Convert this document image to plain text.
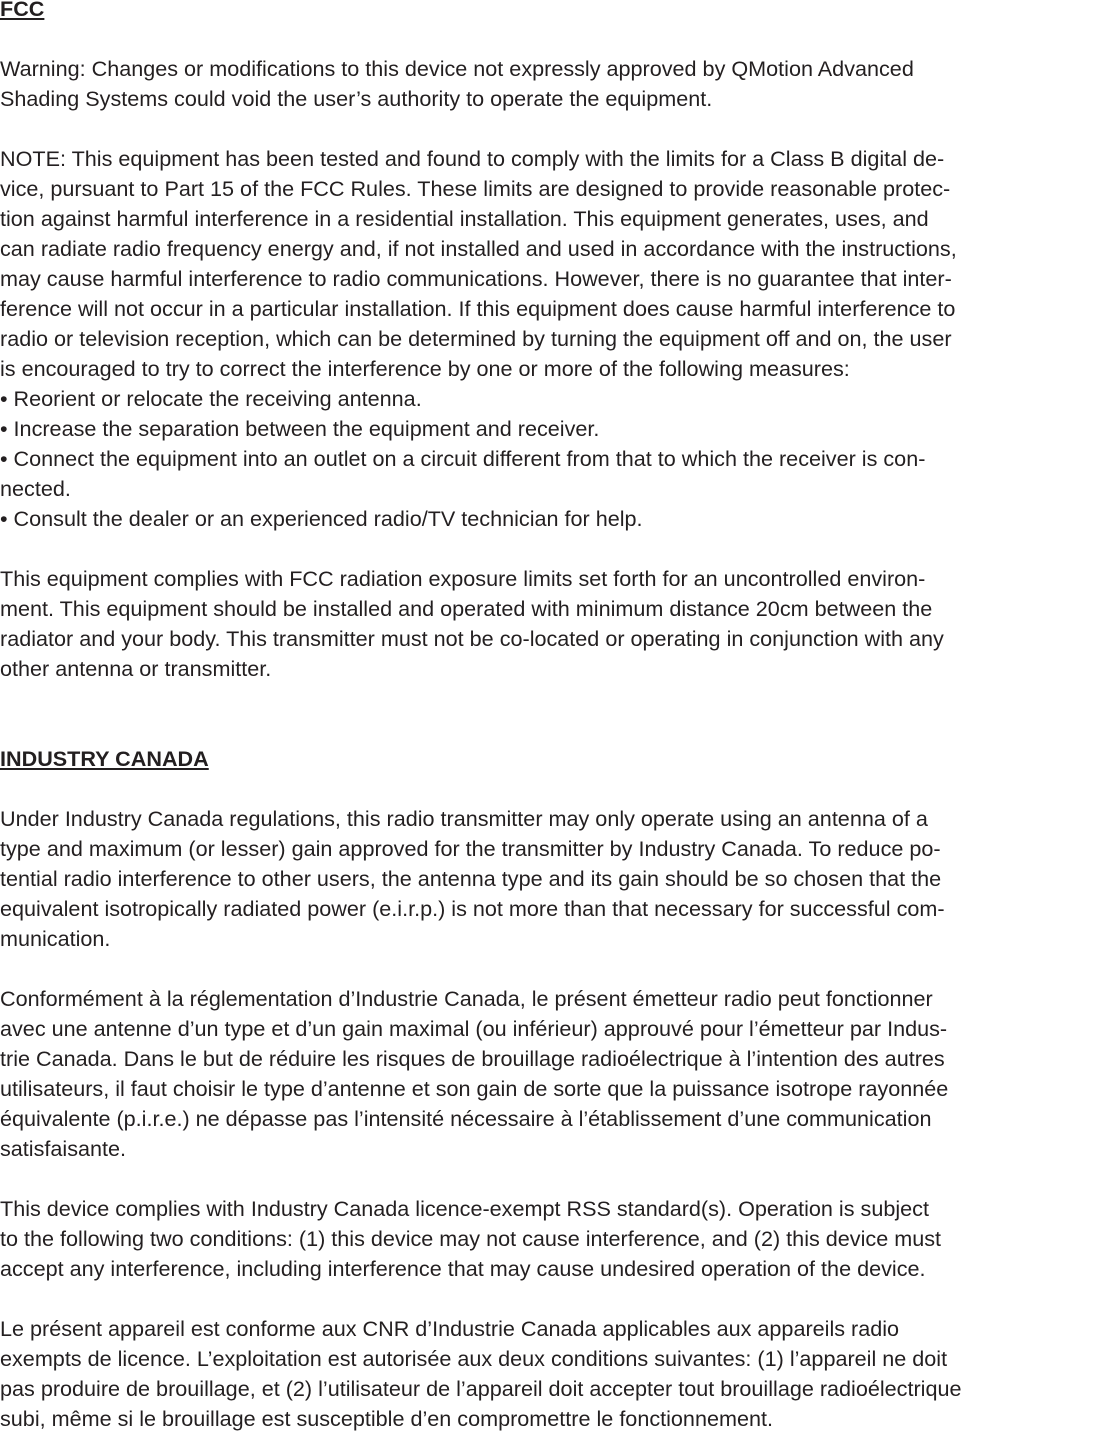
FCC
Warning: Changes or modifications to this device not expressly approved by QMotion Advanced
Shading Systems could void the user’s authority to operate the equipment.
NOTE: This equipment has been tested and found to comply with the limits for a Class B digital de-
vice, pursuant to Part 15 of the FCC Rules. These limits are designed to provide reasonable protec-
tion against harmful interference in a residential installation. This equipment generates, uses, and
can radiate radio frequency energy and, if not installed and used in accordance with the instructions,
may cause harmful interference to radio communications. However, there is no guarantee that inter-
ference will not occur in a particular installation. If this equipment does cause harmful interference to
radio or television reception, which can be determined by turning the equipment off and on, the user
is encouraged to try to correct the interference by one or more of the following measures:
• Reorient or relocate the receiving antenna.
• Increase the separation between the equipment and receiver.
• Connect the equipment into an outlet on a circuit different from that to which the receiver is con-
nected.
• Consult the dealer or an experienced radio/TV technician for help.
This equipment complies with FCC radiation exposure limits set forth for an uncontrolled environ-
ment. This equipment should be installed and operated with minimum distance 20cm between the
radiator and your body. This transmitter must not be co-located or operating in conjunction with any
other antenna or transmitter.
INDUSTRY CANADA
Under Industry Canada regulations, this radio transmitter may only operate using an antenna of a
type and maximum (or lesser) gain approved for the transmitter by Industry Canada. To reduce po-
tential radio interference to other users, the antenna type and its gain should be so chosen that the
equivalent isotropically radiated power (e.i.r.p.) is not more than that necessary for successful com-
munication.
Conformément à la réglementation d’Industrie Canada, le présent émetteur radio peut fonctionner
avec une antenne d’un type et d’un gain maximal (ou inférieur) approuvé pour l’émetteur par Indus-
trie Canada. Dans le but de réduire les risques de brouillage radioélectrique à l’intention des autres
utilisateurs, il faut choisir le type d’antenne et son gain de sorte que la puissance isotrope rayonnée
équivalente (p.i.r.e.) ne dépasse pas l’intensité nécessaire à l’établissement d’une communication
satisfaisante.
This device complies with Industry Canada licence-exempt RSS standard(s). Operation is subject
to the following two conditions: (1) this device may not cause interference, and (2) this device must
accept any interference, including interference that may cause undesired operation of the device.
Le présent appareil est conforme aux CNR d’Industrie Canada applicables aux appareils radio
exempts de licence. L’exploitation est autorisée aux deux conditions suivantes: (1) l’appareil ne doit
pas produire de brouillage, et (2) l’utilisateur de l’appareil doit accepter tout brouillage radioélectrique
subi, même si le brouillage est susceptible d’en compromettre le fonctionnement.
